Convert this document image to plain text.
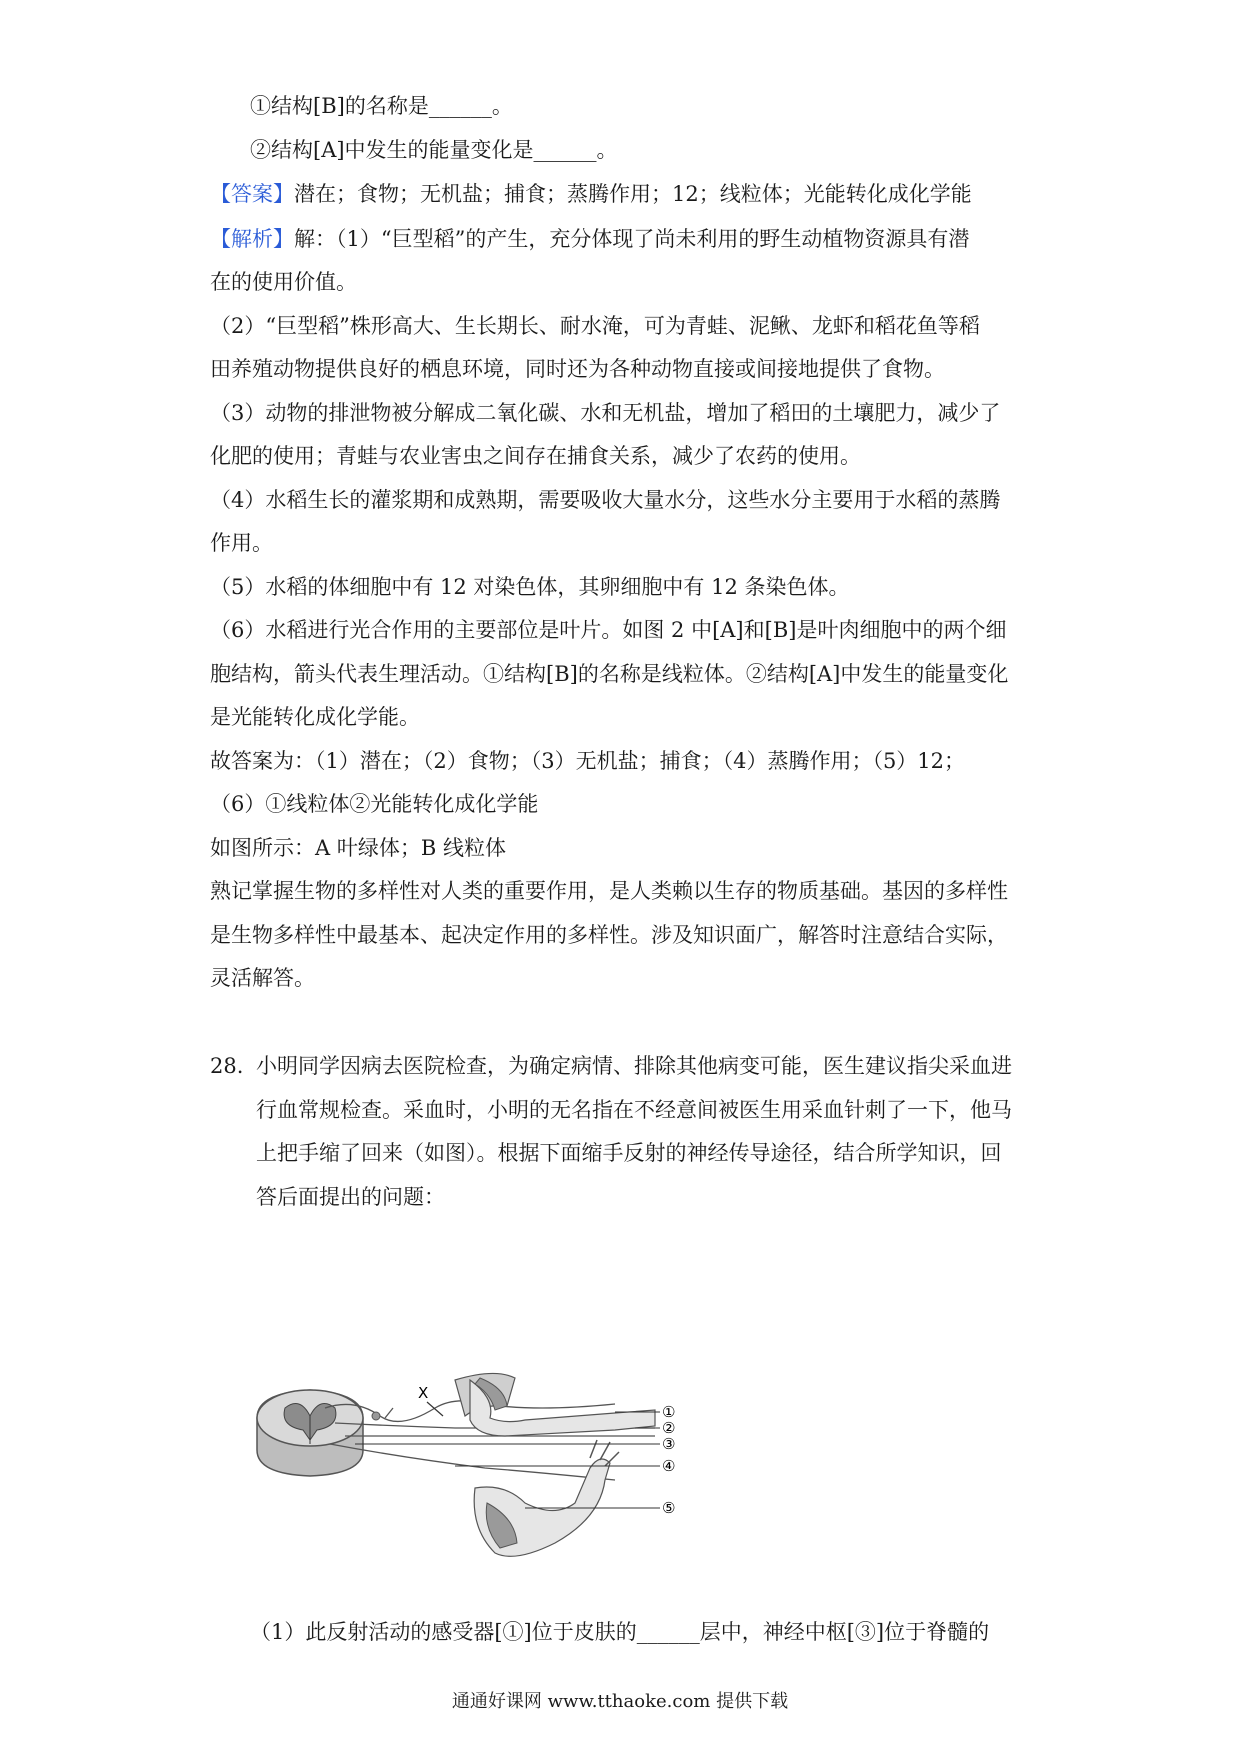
①结构[B]的名称是______。
②结构[A]中发生的能量变化是______。
【答案】潜在；食物；无机盐；捕食；蒸腾作用；12；线粒体；光能转化成化学能
【解析】解：（1）“巨型稻”的产生，充分体现了尚未利用的野生动植物资源具有潜
在的使用价值。
（2）“巨型稻”株形高大、生长期长、耐水淹，可为青蛙、泥鳅、龙虾和稻花鱼等稻
田养殖动物提供良好的栖息环境，同时还为各种动物直接或间接地提供了食物。
（3）动物的排泄物被分解成二氧化碳、水和无机盐，增加了稻田的土壤肥力，减少了
化肥的使用；青蛙与农业害虫之间存在捕食关系，减少了农药的使用。
（4）水稻生长的灌浆期和成熟期，需要吸收大量水分，这些水分主要用于水稻的蒸腾
作用。
（5）水稻的体细胞中有 12 对染色体，其卵细胞中有 12 条染色体。
（6）水稻进行光合作用的主要部位是叶片。如图 2 中[A]和[B]是叶肉细胞中的两个细
胞结构，箭头代表生理活动。①结构[B]的名称是线粒体。②结构[A]中发生的能量变化
是光能转化成化学能。
故答案为：（1）潜在；（2）食物；（3）无机盐；捕食；（4）蒸腾作用；（5）12；
（6）①线粒体②光能转化成化学能
如图所示：A 叶绿体；B 线粒体
熟记掌握生物的多样性对人类的重要作用，是人类赖以生存的物质基础。基因的多样性
是生物多样性中最基本、起决定作用的多样性。涉及知识面广，解答时注意结合实际，
灵活解答。
28. 小明同学因病去医院检查，为确定病情、排除其他病变可能，医生建议指尖采血进
行血常规检查。采血时，小明的无名指在不经意间被医生用采血针刺了一下，他马
上把手缩了回来（如图）。根据下面缩手反射的神经传导途径，结合所学知识，回
答后面提出的问题：
X
①
②
③
④
⑤
（1）此反射活动的感受器[①]位于皮肤的______层中，神经中枢[③]位于脊髓的
通通好课网 www.tthaoke.com 提供下载
